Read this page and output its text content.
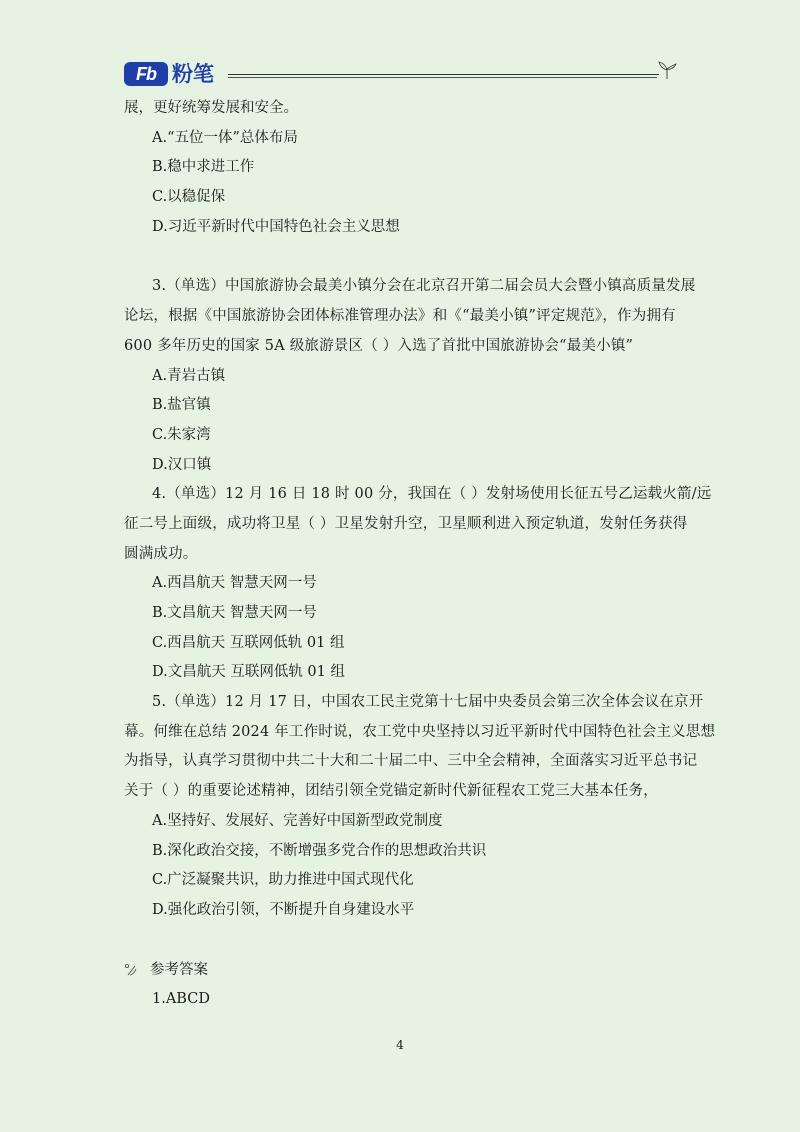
Fb 粉笔
展，更好统筹发展和安全。
A.“五位一体”总体布局
B.稳中求进工作
C.以稳促保
D.习近平新时代中国特色社会主义思想
3.（单选）中国旅游协会最美小镇分会在北京召开第二届会员大会暨小镇高质量发展
论坛，根据《中国旅游协会团体标准管理办法》和《“最美小镇”评定规范》，作为拥有
600 多年历史的国家 5A 级旅游景区（ ）入选了首批中国旅游协会“最美小镇”
A.青岩古镇
B.盐官镇
C.朱家湾
D.汉口镇
4.（单选）12 月 16 日 18 时 00 分，我国在（ ）发射场使用长征五号乙运载火箭/远
征二号上面级，成功将卫星（ ）卫星发射升空，卫星顺利进入预定轨道，发射任务获得
圆满成功。
A.西昌航天 智慧天网一号
B.文昌航天 智慧天网一号
C.西昌航天 互联网低轨 01 组
D.文昌航天 互联网低轨 01 组
5.（单选）12 月 17 日，中国农工民主党第十七届中央委员会第三次全体会议在京开
幕。何维在总结 2024 年工作时说，农工党中央坚持以习近平新时代中国特色社会主义思想
为指导，认真学习贯彻中共二十大和二十届二中、三中全会精神，全面落实习近平总书记
关于（ ）的重要论述精神，团结引领全党锚定新时代新征程农工党三大基本任务，
A.坚持好、发展好、完善好中国新型政党制度
B.深化政治交接，不断增强多党合作的思想政治共识
C.广泛凝聚共识，助力推进中国式现代化
D.强化政治引领，不断提升自身建设水平
参考答案
1.ABCD
4
